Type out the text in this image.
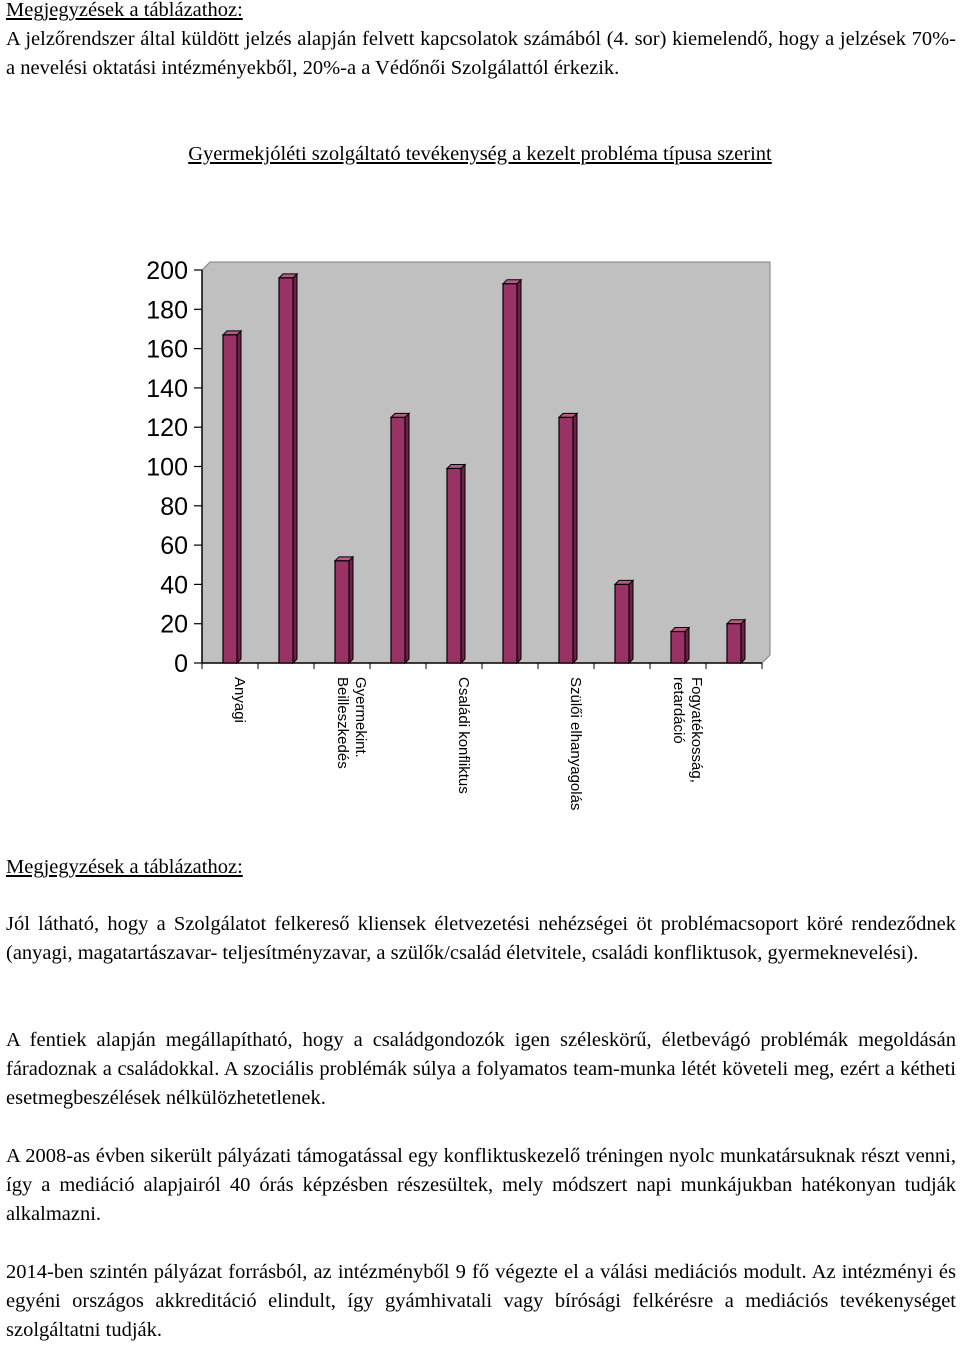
Megjegyzések a táblázathoz:

A jelzőrendszer által küldött jelzés alapján felvett kapcsolatok számából (4. sor) kiemelendő, hogy a jelzések 70%-a nevelési oktatási intézményekből, 20%-a a Védőnői Szolgálattól érkezik.

Gyermekjóléti szolgáltató tevékenység a kezelt probléma típusa szerint
0
20
40
60
80
100
120
140
160
180
200
Anyagi	Gyermekint.
Beilleszkedés	Családi konfliktus	Szülői elhanyagolás	Fogyatékosság,
retardáció

Megjegyzések a táblázathoz:

Jól látható, hogy a Szolgálatot felkereső kliensek életvezetési nehézségei öt problémacsoport köré rendeződnek (anyagi, magatartászavar- teljesítményzavar, a szülők/család életvitele, családi konfliktusok, gyermeknevelési).

A fentiek alapján megállapítható, hogy a családgondozók igen széleskörű, életbevágó problémák megoldásán fáradoznak a családokkal. A szociális problémák súlya a folyamatos team-munka létét követeli meg, ezért a kétheti esetmegbeszélések nélkülözhetetlenek.

A 2008-as évben sikerült pályázati támogatással egy konfliktuskezelő tréningen nyolc munkatársuknak részt venni, így a mediáció alapjairól 40 órás képzésben részesültek, mely módszert napi munkájukban hatékonyan tudják alkalmazni.

2014-ben szintén pályázat forrásból, az intézményből 9 fő végezte el a válási mediációs modult. Az intézményi és egyéni országos akkreditáció elindult, így gyámhivatali vagy bírósági felkérésre a mediációs tevékenységet szolgáltatni tudják.
